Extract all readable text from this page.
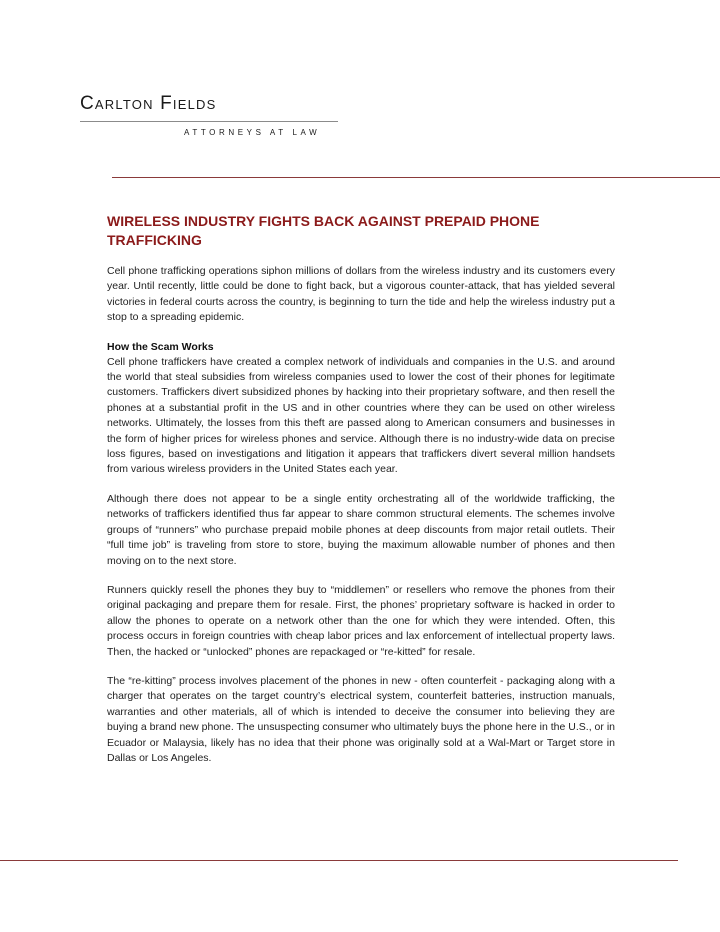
Carlton Fields
ATTORNEYS AT LAW
WIRELESS INDUSTRY FIGHTS BACK AGAINST PREPAID PHONE TRAFFICKING

Cell phone trafficking operations siphon millions of dollars from the wireless industry and its customers every year. Until recently, little could be done to fight back, but a vigorous counter-attack, that has yielded several victories in federal courts across the country, is beginning to turn the tide and help the wireless industry put a stop to a spreading epidemic.

How the Scam Works

Cell phone traffickers have created a complex network of individuals and companies in the U.S. and around the world that steal subsidies from wireless companies used to lower the cost of their phones for legitimate customers. Traffickers divert subsidized phones by hacking into their proprietary software, and then resell the phones at a substantial profit in the US and in other countries where they can be used on other wireless networks. Ultimately, the losses from this theft are passed along to American consumers and businesses in the form of higher prices for wireless phones and service. Although there is no industry-wide data on precise loss figures, based on investigations and litigation it appears that traffickers divert several million handsets from various wireless providers in the United States each year.

Although there does not appear to be a single entity orchestrating all of the worldwide trafficking, the networks of traffickers identified thus far appear to share common structural elements. The schemes involve groups of “runners” who purchase prepaid mobile phones at deep discounts from major retail outlets. Their “full time job” is traveling from store to store, buying the maximum allowable number of phones and then moving on to the next store.

Runners quickly resell the phones they buy to “middlemen” or resellers who remove the phones from their original packaging and prepare them for resale. First, the phones’ proprietary software is hacked in order to allow the phones to operate on a network other than the one for which they were intended. Often, this process occurs in foreign countries with cheap labor prices and lax enforcement of intellectual property laws. Then, the hacked or “unlocked” phones are repackaged or “re-kitted” for resale.

The “re-kitting” process involves placement of the phones in new - often counterfeit - packaging along with a charger that operates on the target country’s electrical system, counterfeit batteries, instruction manuals, warranties and other materials, all of which is intended to deceive the consumer into believing they are buying a brand new phone. The unsuspecting consumer who ultimately buys the phone here in the U.S., or in Ecuador or Malaysia, likely has no idea that their phone was originally sold at a Wal-Mart or Target store in Dallas or Los Angeles.
